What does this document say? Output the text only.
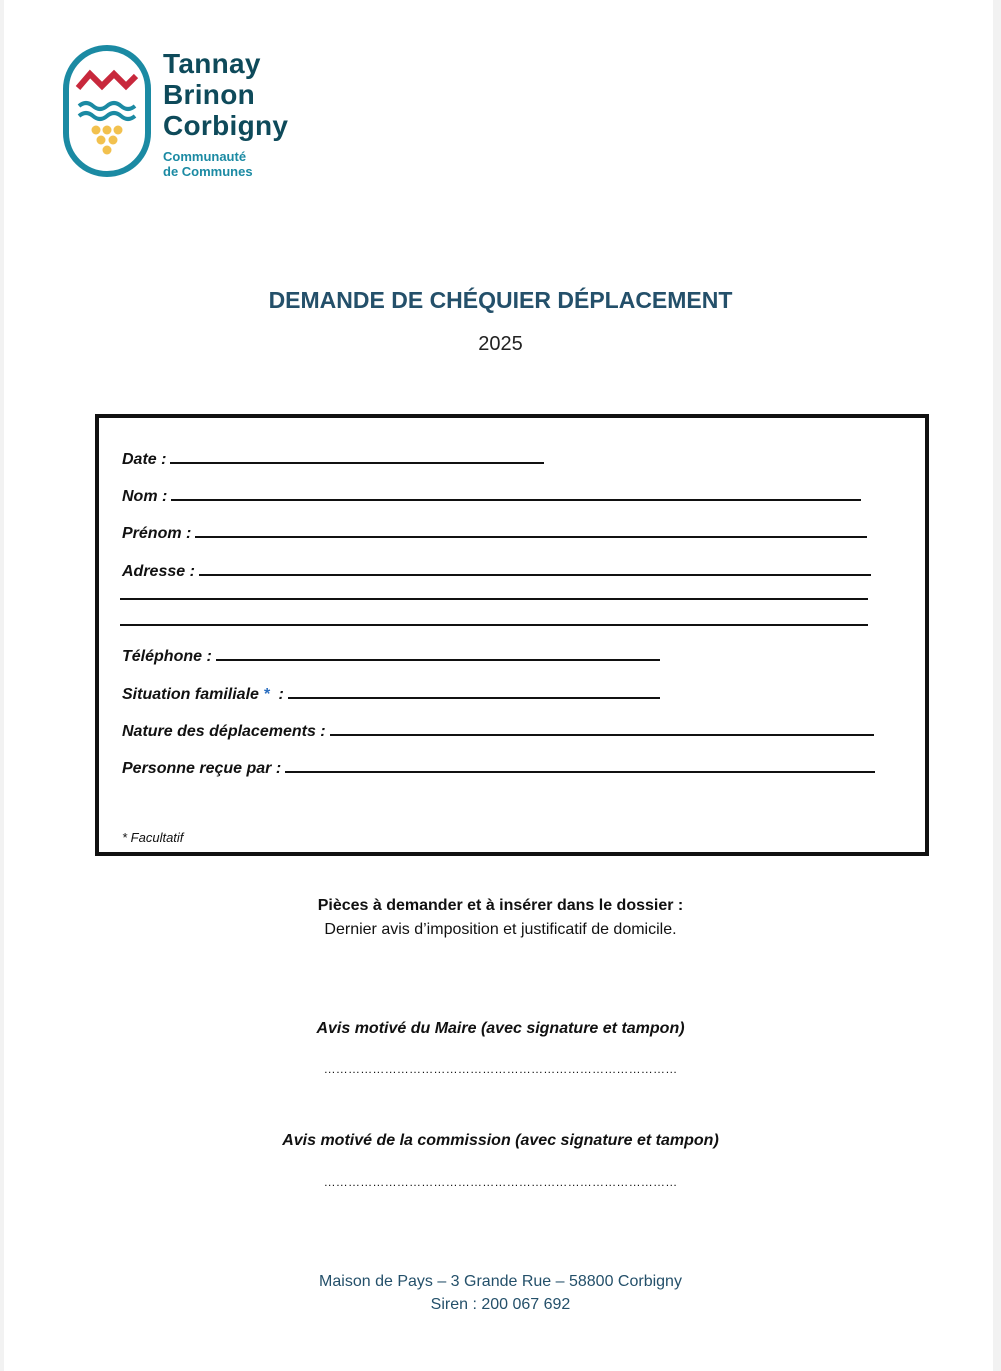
Tannay
Brinon
Corbigny
Communauté
de Communes
DEMANDE DE CHÉQUIER DÉPLACEMENT
2025
Date :
Nom :
Prénom :
Adresse :
Téléphone :
Situation familiale * :
Nature des déplacements :
Personne reçue par :
* Facultatif
Pièces à demander et à insérer dans le dossier :
Dernier avis d’imposition et justificatif de domicile.
Avis motivé du Maire (avec signature et tampon)
……………………………………………………………………………
Avis motivé de la commission (avec signature et tampon)
……………………………………………………………………………
Maison de Pays – 3 Grande Rue – 58800 Corbigny
Siren : 200 067 692
